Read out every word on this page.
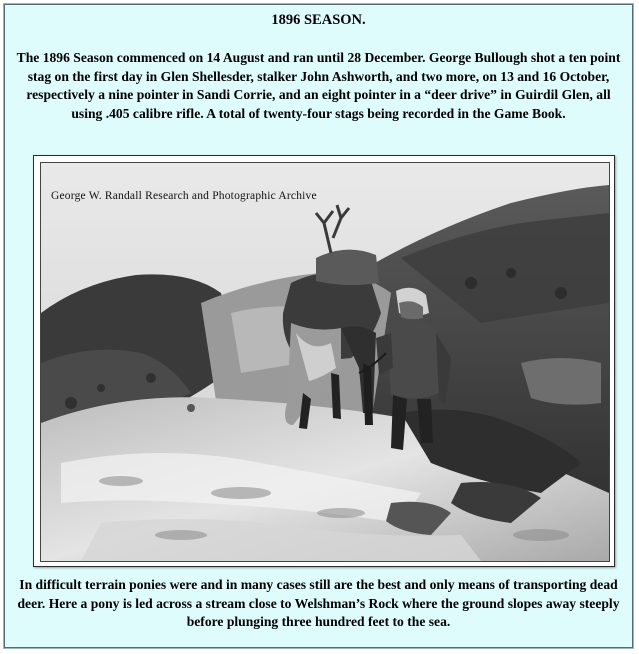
1896 SEASON.
The 1896 Season commenced on 14 August and ran until 28 December. George Bullough shot a ten point stag on the first day in Glen Shellesder, stalker John Ashworth, and two more, on 13 and 16 October, respectively a nine pointer in Sandi Corrie, and an eight pointer in a “deer drive” in Guirdil Glen, all using .405 calibre rifle. A total of twenty-four stags being recorded in the Game Book.
George W. Randall Research and Photographic Archive
In difficult terrain ponies were and in many cases still are the best and only means of transporting dead deer. Here a pony is led across a stream close to Welshman’s Rock where the ground slopes away steeply before plunging three hundred feet to the sea.
